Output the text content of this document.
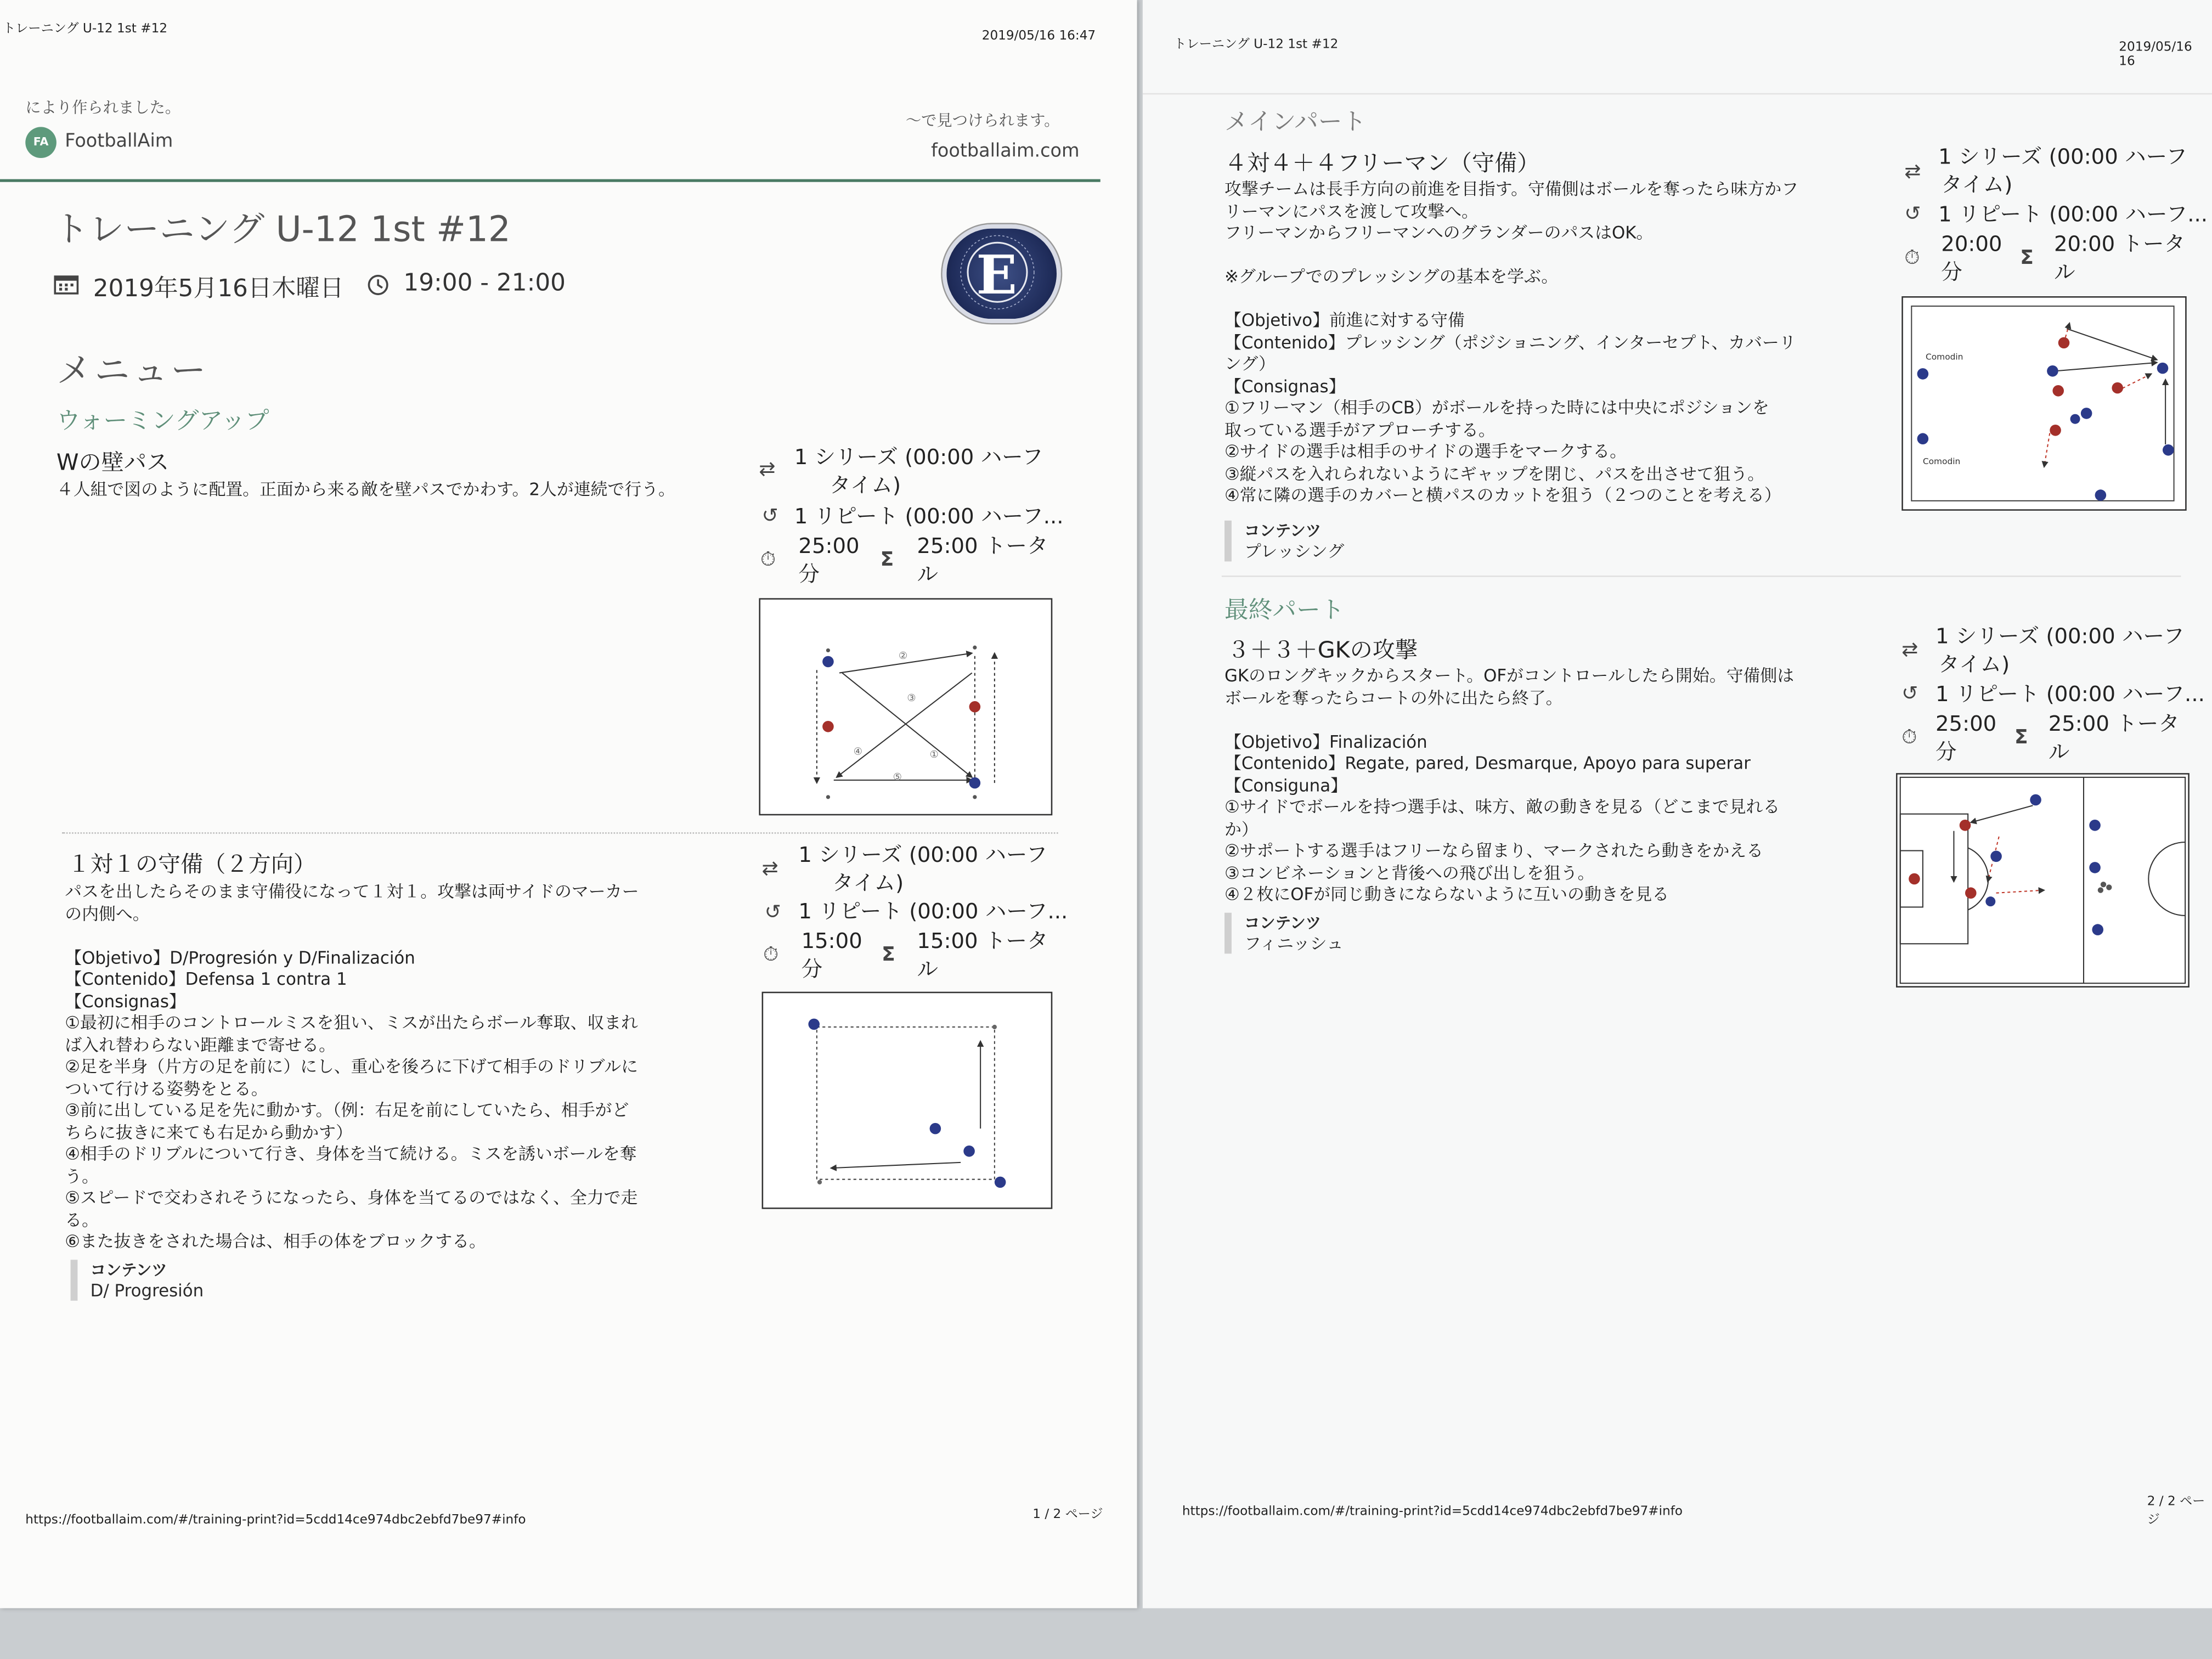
トレーニング U-12 1st #12
2019/05/16 16:47
により作られました。
FA	FootballAim
〜で見つけられます。
footballaim.com
トレーニング U-12 1st #12
2019年5月16日木曜日	19:00 - 21:00	E
メニュー
ウォーミングアップ
Wの壁パス
４人組で図のように配置。正面から来る敵を壁パスでかわす。2人が連続で行う。
⇄ 1 シリーズ (00:00 ハーフ
タイム)
↺ 1 リピート (00:00 ハーフ...
⏱
25:00
分
Σ
25:00 トータ
ル
②
③
④	①
⑤
１対１の守備（２方向）
パスを出したらそのまま守備役になって１対１。攻撃は両サイドのマーカー
の内側へ。
【Objetivo】D/Progresión y D/Finalización
【Contenido】Defensa 1 contra 1
【Consignas】
①最初に相手のコントロールミスを狙い、ミスが出たらボール奪取、収まれ
ば入れ替わらない距離まで寄せる。
②足を半身（片方の足を前に）にし、重心を後ろに下げて相手のドリブルに
ついて行ける姿勢をとる。
③前に出している足を先に動かす。（例：右足を前にしていたら、相手がど
ちらに抜きに来ても右足から動かす）
④相手のドリブルについて行き、身体を当て続ける。ミスを誘いボールを奪
う。
⑤スピードで交わされそうになったら、身体を当てるのではなく、全力で走
る。
⑥また抜きをされた場合は、相手の体をブロックする。
⇄
1 シリーズ (00:00 ハーフ
タイム)
↺ 1 リピート (00:00 ハーフ...
⏱
15:00
分
Σ
15:00 トータ
ル
コンテンツ
D/ Progresión
https://footballaim.com/#/training-print?id=5cdd14ce974dbc2ebfd7be97#info	1 / 2 ページ
トレーニング U-12 1st #12	2019/05/16 16
メインパート
４対４＋４フリーマン（守備）
攻撃チームは長手方向の前進を目指す。守備側はボールを奪ったら味方かフ
リーマンにパスを渡して攻撃へ。
フリーマンからフリーマンへのグランダーのパスはOK。
※グループでのプレッシングの基本を学ぶ。
【Objetivo】前進に対する守備
【Contenido】プレッシング（ポジショニング、インターセプト、カバーリ
ング）
【Consignas】
①フリーマン（相手のCB）がボールを持った時には中央にポジションを
取っている選手がアプローチする。
②サイドの選手は相手のサイドの選手をマークする。
③縦パスを入れられないようにギャップを閉じ、パスを出させて狙う。
④常に隣の選手のカバーと横パスのカットを狙う（２つのことを考える）
⇄
1 シリーズ (00:00 ハーフ
タイム)
↺ 1 リピート (00:00 ハーフ...
⏱
20:00
分
Σ
20:00 トータ
ル
Comodin
Comodin
コンテンツ
プレッシング
最終パート
３＋３＋GKの攻撃
GKのロングキックからスタート。OFがコントロールしたら開始。守備側は
ボールを奪ったらコートの外に出たら終了。
【Objetivo】Finalización
【Contenido】Regate, pared, Desmarque, Apoyo para superar
【Consiguna】
①サイドでボールを持つ選手は、味方、敵の動きを見る（どこまで見れる
か）
②サポートする選手はフリーなら留まり、マークされたら動きをかえる
③コンビネーションと背後への飛び出しを狙う。
④２枚にOFが同じ動きにならないように互いの動きを見る
⇄
1 シリーズ (00:00 ハーフ
タイム)
↺ 1 リピート (00:00 ハーフ...
⏱
25:00
分
Σ
25:00 トータ
ル
コンテンツ
フィニッシュ
https://footballaim.com/#/training-print?id=5cdd14ce974dbc2ebfd7be97#info
2 / 2 ページ
